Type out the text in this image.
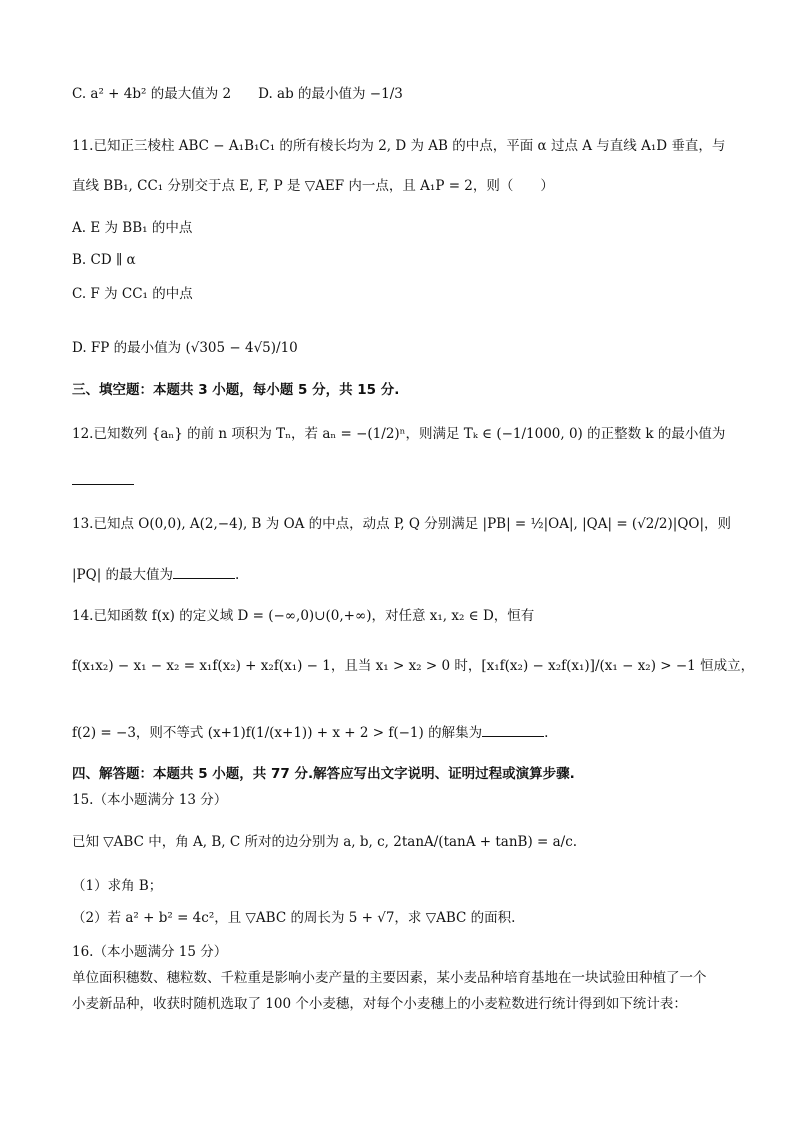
C. a² + 4b² 的最大值为 2　　D. ab 的最小值为 −1/3
11.已知正三棱柱 ABC − A₁B₁C₁ 的所有棱长均为 2, D 为 AB 的中点，平面 α 过点 A 与直线 A₁D 垂直，与
直线 BB₁, CC₁ 分别交于点 E, F, P 是 ▽AEF 内一点，且 A₁P = 2，则（　　）
A. E 为 BB₁ 的中点
B. CD ∥ α
C. F 为 CC₁ 的中点
D. FP 的最小值为 (√305 − 4√5)/10
三、填空题：本题共 3 小题，每小题 5 分，共 15 分.
12.已知数列 {aₙ} 的前 n 项积为 Tₙ，若 aₙ = −(1/2)ⁿ，则满足 Tₖ ∈ (−1/1000, 0) 的正整数 k 的最小值为
13.已知点 O(0,0), A(2,−4), B 为 OA 的中点，动点 P, Q 分别满足 |PB| = ½|OA|, |QA| = (√2/2)|QO|，则
|PQ| 的最大值为	.
14.已知函数 f(x) 的定义域 D = (−∞,0)∪(0,+∞)，对任意 x₁, x₂ ∈ D，恒有
f(x₁x₂) − x₁ − x₂ = x₁f(x₂) + x₂f(x₁) − 1，且当 x₁ > x₂ > 0 时，[x₁f(x₂) − x₂f(x₁)]/(x₁ − x₂) > −1 恒成立，
f(2) = −3，则不等式 (x+1)f(1/(x+1)) + x + 2 > f(−1) 的解集为	.
四、解答题：本题共 5 小题，共 77 分.解答应写出文字说明、证明过程或演算步骤.
15.（本小题满分 13 分）
已知 ▽ABC 中，角 A, B, C 所对的边分别为 a, b, c, 2tanA/(tanA + tanB) = a/c.
（1）求角 B；
（2）若 a² + b² = 4c²，且 ▽ABC 的周长为 5 + √7，求 ▽ABC 的面积.
16.（本小题满分 15 分）
单位面积穗数、穗粒数、千粒重是影响小麦产量的主要因素，某小麦品种培育基地在一块试验田种植了一个
小麦新品种，收获时随机选取了 100 个小麦穗，对每个小麦穗上的小麦粒数进行统计得到如下统计表：
